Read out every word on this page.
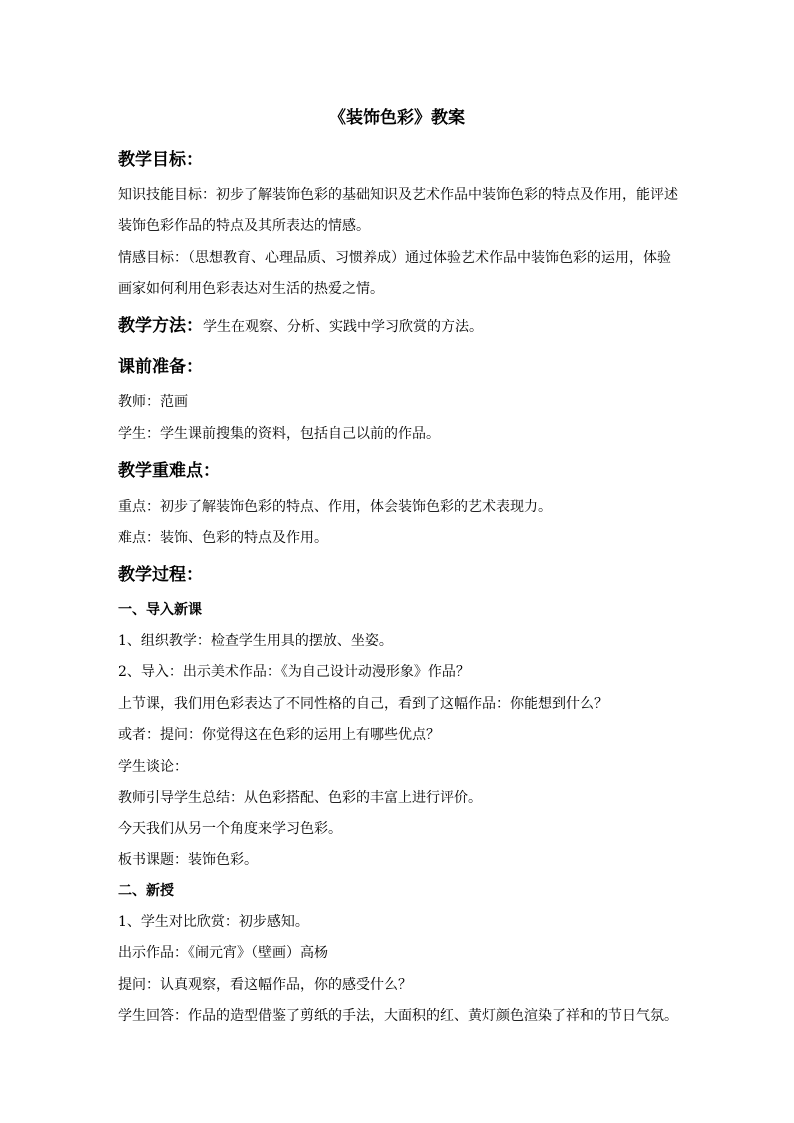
《装饰色彩》教案
教学目标：
知识技能目标：初步了解装饰色彩的基础知识及艺术作品中装饰色彩的特点及作用，能评述
装饰色彩作品的特点及其所表达的情感。
情感目标：（思想教育、心理品质、习惯养成）通过体验艺术作品中装饰色彩的运用，体验
画家如何利用色彩表达对生活的热爱之情。
教学方法：学生在观察、分析、实践中学习欣赏的方法。
课前准备：
教师：范画
学生：学生课前搜集的资料，包括自己以前的作品。
教学重难点：
重点：初步了解装饰色彩的特点、作用，体会装饰色彩的艺术表现力。
难点：装饰、色彩的特点及作用。
教学过程：
一、导入新课
1、组织教学：检查学生用具的摆放、坐姿。
2、导入：出示美术作品：《为自己设计动漫形象》作品？
上节课，我们用色彩表达了不同性格的自己，看到了这幅作品：你能想到什么？
或者：提问：你觉得这在色彩的运用上有哪些优点？
学生谈论：
教师引导学生总结：从色彩搭配、色彩的丰富上进行评价。
今天我们从另一个角度来学习色彩。
板书课题：装饰色彩。
二、新授
1、学生对比欣赏：初步感知。
出示作品：《闹元宵》（壁画）高杨
提问：认真观察，看这幅作品，你的感受什么？
学生回答：作品的造型借鉴了剪纸的手法，大面积的红、黄灯颜色渲染了祥和的节日气氛。
